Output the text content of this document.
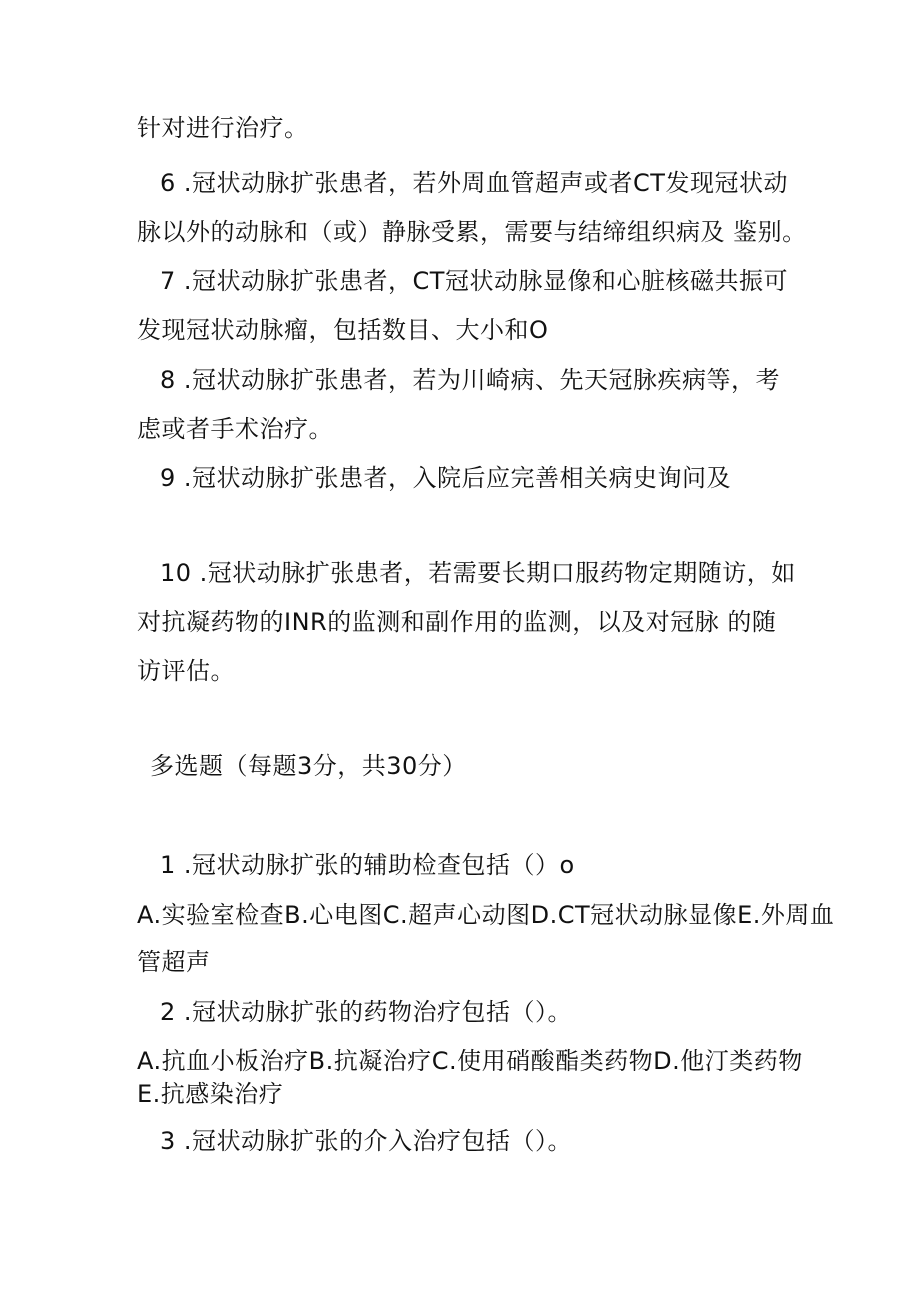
针对进行治疗。
6 .冠状动脉扩张患者，若外周血管超声或者CT发现冠状动
脉以外的动脉和（或）静脉受累，需要与结缔组织病及 鉴别。
7 .冠状动脉扩张患者，CT冠状动脉显像和心脏核磁共振可
发现冠状动脉瘤，包括数目、大小和O
8 .冠状动脉扩张患者，若为川崎病、先天冠脉疾病等，考
虑或者手术治疗。
9 .冠状动脉扩张患者，入院后应完善相关病史询问及
10 .冠状动脉扩张患者，若需要长期口服药物定期随访，如
对抗凝药物的INR的监测和副作用的监测，以及对冠脉 的随
访评估。
多选题（每题3分，共30分）
1 .冠状动脉扩张的辅助检查包括（）o
A.实验室检查B.心电图C.超声心动图D.CT冠状动脉显像E.外周血
管超声
2 .冠状动脉扩张的药物治疗包括（）。
A.抗血小板治疗B.抗凝治疗C.使用硝酸酯类药物D.他汀类药物
E.抗感染治疗
3 .冠状动脉扩张的介入治疗包括（）。
